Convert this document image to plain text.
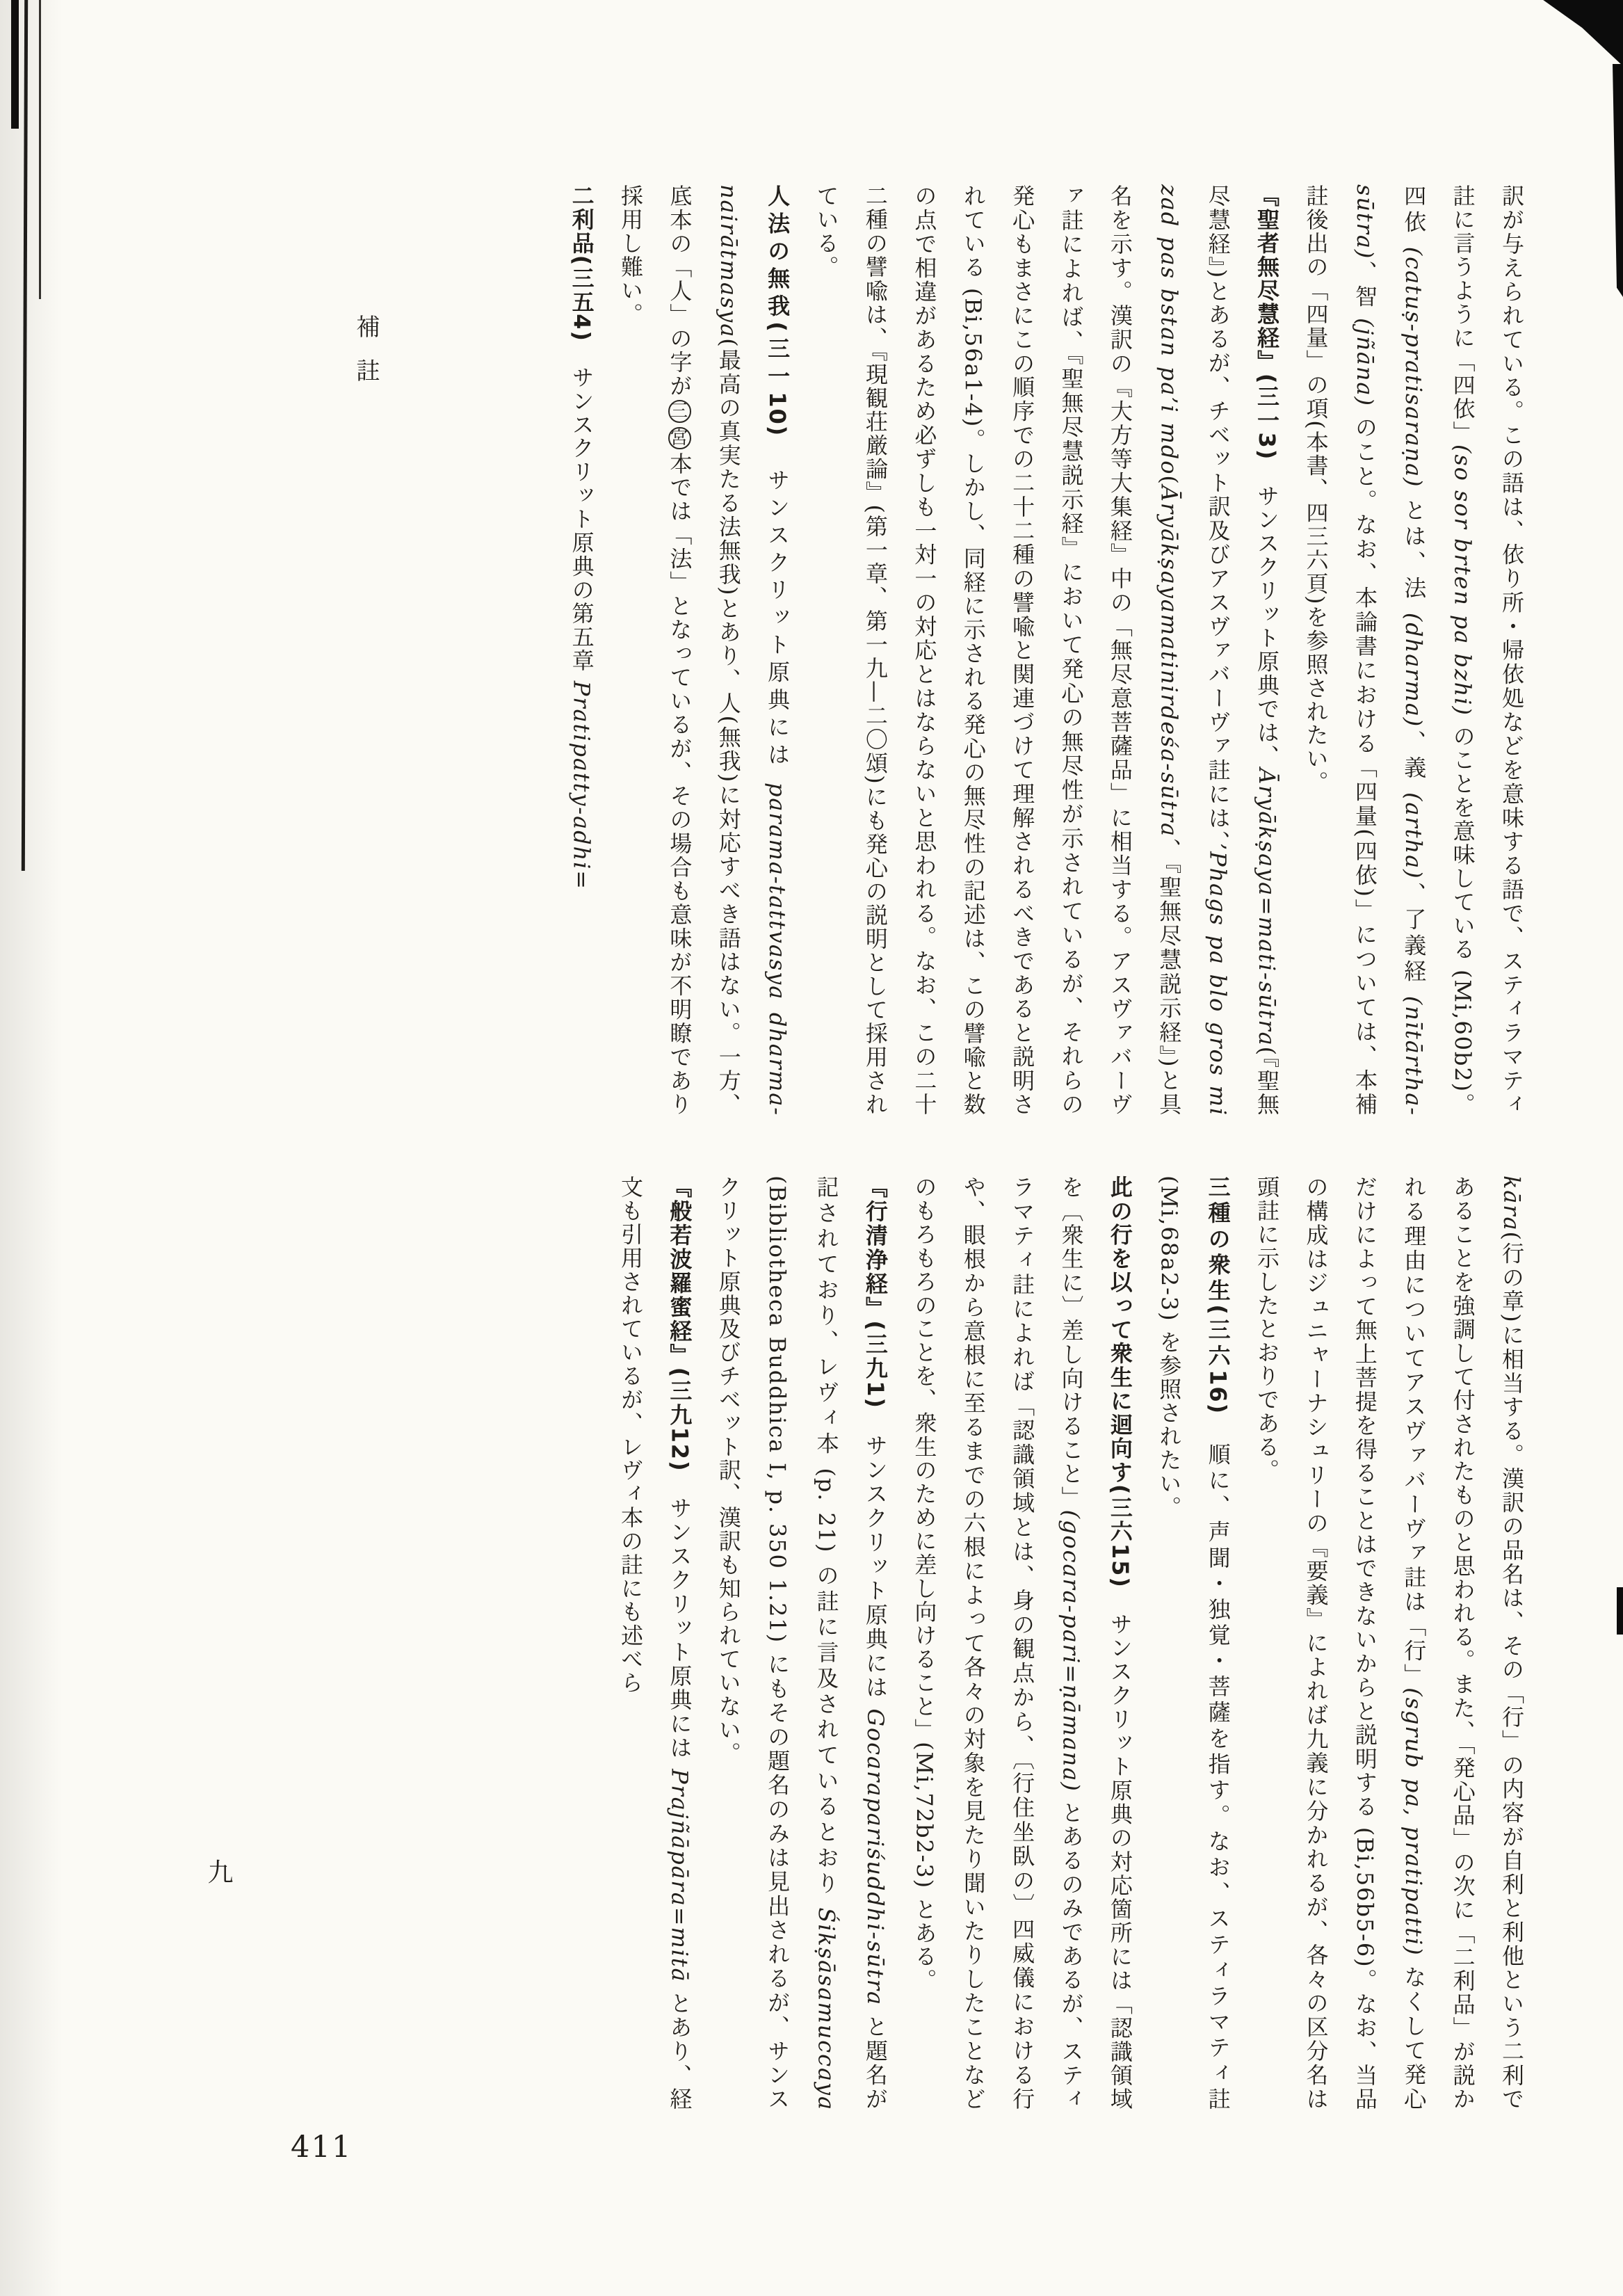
補註	訳が与えられている。この語は、依り所・帰依処などを意味する語で、スティラマティ註に言うように「四依」(so sor brten pa bzhi) のことを意味している (Mi,60b2)。四依 (catuṣ-pratisaraṇa) とは、法 (dharma)、義 (artha)、了義経 (nītārtha-sūtra)、智 (jñāna) のこと。なお、本論書における「四量(四依)」については、本補註後出の「四量」の項(本書、四三六頁)を参照されたい。

『聖者無尽慧経』(三一3)　サンスクリット原典では、Āryākṣaya=mati-sūtra(『聖無尽慧経』)とあるが、チベット訳及びアスヴァバーヴァ註には、’Phags pa blo gros mi zad pas bstan pa’i mdo(Āryākṣayamatinirdeśa-sūtra、『聖無尽慧説示経』)と具名を示す。漢訳の『大方等大集経』中の「無尽意菩薩品」に相当する。アスヴァバーヴァ註によれば、『聖無尽慧説示経』において発心の無尽性が示されているが、それらの発心もまさにこの順序での二十二種の譬喩と関連づけて理解されるべきであると説明されている (Bi,56a1-4)。しかし、同経に示される発心の無尽性の記述は、この譬喩と数の点で相違があるため必ずしも一対一の対応とはならないと思われる。なお、この二十二種の譬喩は、『現観荘厳論』(第一章、第一九—二〇頌)にも発心の説明として採用されている。

人法の無我(三一10)　サンスクリット原典には parama-tattvasya dharma-nairātmasya(最高の真実たる法無我)とあり、人(無我)に対応すべき語はない。一方、底本の「人」の字が三宮本では「法」となっているが、その場合も意味が不明瞭であり採用し難い。

二利品(三五4)　サンスクリット原典の第五章 Pratipatty-adhi=

kāra(行の章)に相当する。漢訳の品名は、その「行」の内容が自利と利他という二利であることを強調して付されたものと思われる。また、「発心品」の次に「二利品」が説かれる理由についてアスヴァバーヴァ註は「行」(sgrub pa, pratipatti) なくして発心だけによって無上菩提を得ることはできないからと説明する (Bi,56b5-6)。なお、当品の構成はジュニャーナシュリーの『要義』によれば九義に分かれるが、各々の区分名は頭註に示したとおりである。

三種の衆生(三六16)　順に、声聞・独覚・菩薩を指す。なお、スティラマティ註 (Mi,68a2-3) を参照されたい。

此の行を以って衆生に迴向す(三六15)　サンスクリット原典の対応箇所には「認識領域を〔衆生に〕差し向けること」(gocara-pari=ṇāmana) とあるのみであるが、スティラマティ註によれば「認識領域とは、身の観点から、〔行住坐臥の〕四威儀における行や、眼根から意根に至るまでの六根によって各々の対象を見たり聞いたりしたことなどのもろもろのことを、衆生のために差し向けること」(Mi,72b2-3) とある。

『行清浄経』(三九1)　サンスクリット原典には Gocarapariśuddhi-sūtra と題名が記されており、レヴィ本 (p. 21) の註に言及されているとおり Śikṣāsamuccaya (Bibliotheca Buddhica I, p. 350 1.21) にもその題名のみは見出されるが、サンスクリット原典及びチベット訳、漢訳も知られていない。

『般若波羅蜜経』(三九12)　サンスクリット原典には Prajñāpāra=mitā とあり、経文も引用されているが、レヴィ本の註にも述べら

九
411
